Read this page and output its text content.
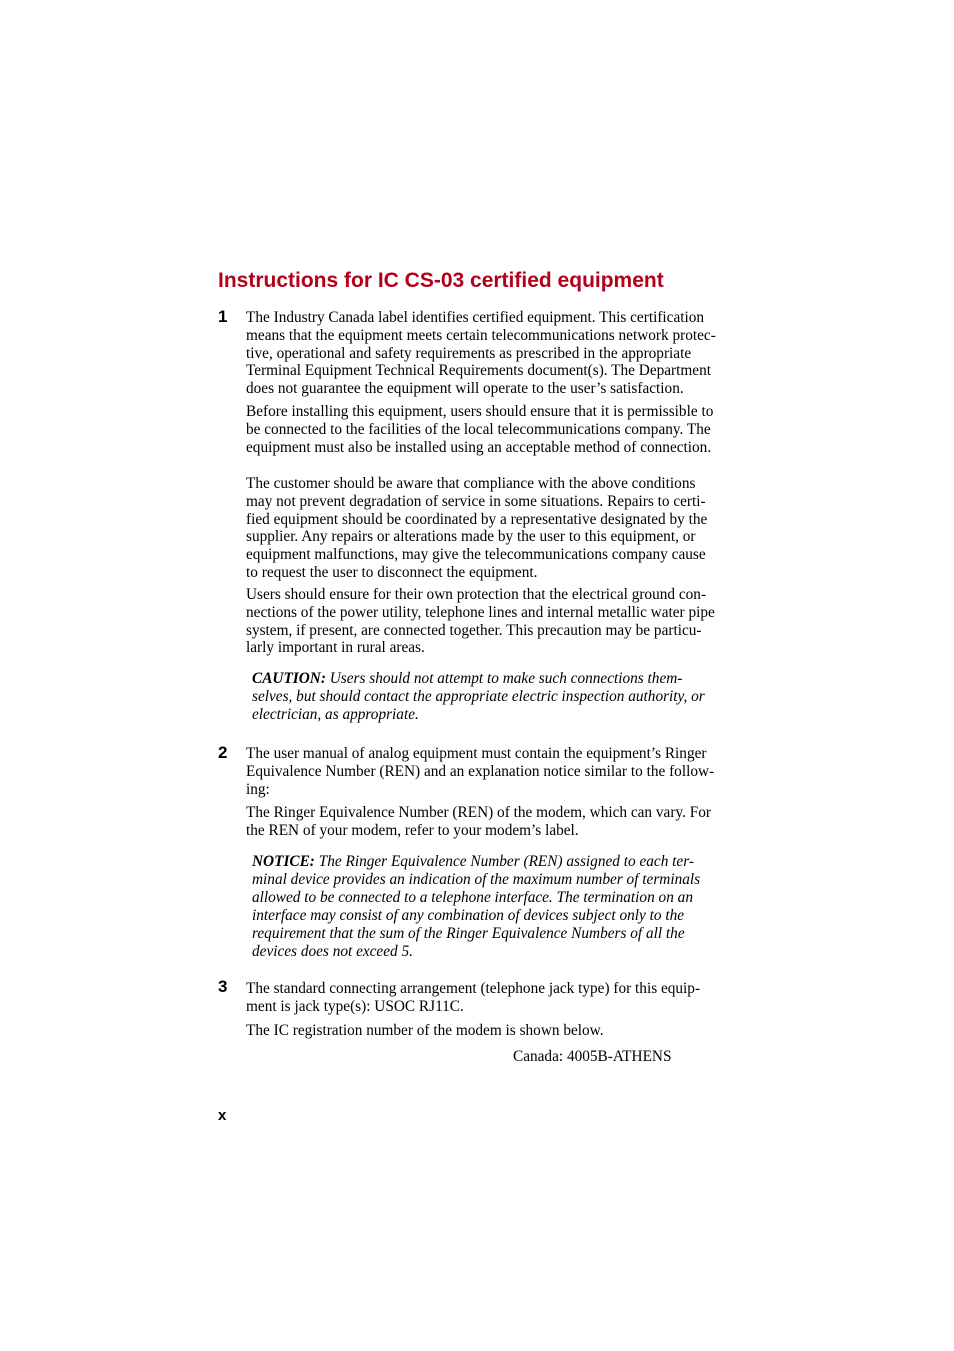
Instructions for IC CS-03 certified equipment
1 The Industry Canada label identifies certified equipment. This certification
means that the equipment meets certain telecommunications network protec-
tive, operational and safety requirements as prescribed in the appropriate
Terminal Equipment Technical Requirements document(s). The Department
does not guarantee the equipment will operate to the user’s satisfaction.

Before installing this equipment, users should ensure that it is permissible to
be connected to the facilities of the local telecommunications company. The
equipment must also be installed using an acceptable method of connection.

The customer should be aware that compliance with the above conditions
may not prevent degradation of service in some situations. Repairs to certi-
fied equipment should be coordinated by a representative designated by the
supplier. Any repairs or alterations made by the user to this equipment, or
equipment malfunctions, may give the telecommunications company cause
to request the user to disconnect the equipment.

Users should ensure for their own protection that the electrical ground con-
nections of the power utility, telephone lines and internal metallic water pipe
system, if present, are connected together. This precaution may be particu-
larly important in rural areas.

CAUTION: Users should not attempt to make such connections them-
selves, but should contact the appropriate electric inspection authority, or
electrician, as appropriate.

2 The user manual of analog equipment must contain the equipment’s Ringer
Equivalence Number (REN) and an explanation notice similar to the follow-
ing:

The Ringer Equivalence Number (REN) of the modem, which can vary. For
the REN of your modem, refer to your modem’s label.

NOTICE: The Ringer Equivalence Number (REN) assigned to each ter-
minal device provides an indication of the maximum number of terminals
allowed to be connected to a telephone interface. The termination on an
interface may consist of any combination of devices subject only to the
requirement that the sum of the Ringer Equivalence Numbers of all the
devices does not exceed 5.

3 The standard connecting arrangement (telephone jack type) for this equip-
ment is jack type(s): USOC RJ11C.

The IC registration number of the modem is shown below.

Canada: 4005B-ATHENS

x
